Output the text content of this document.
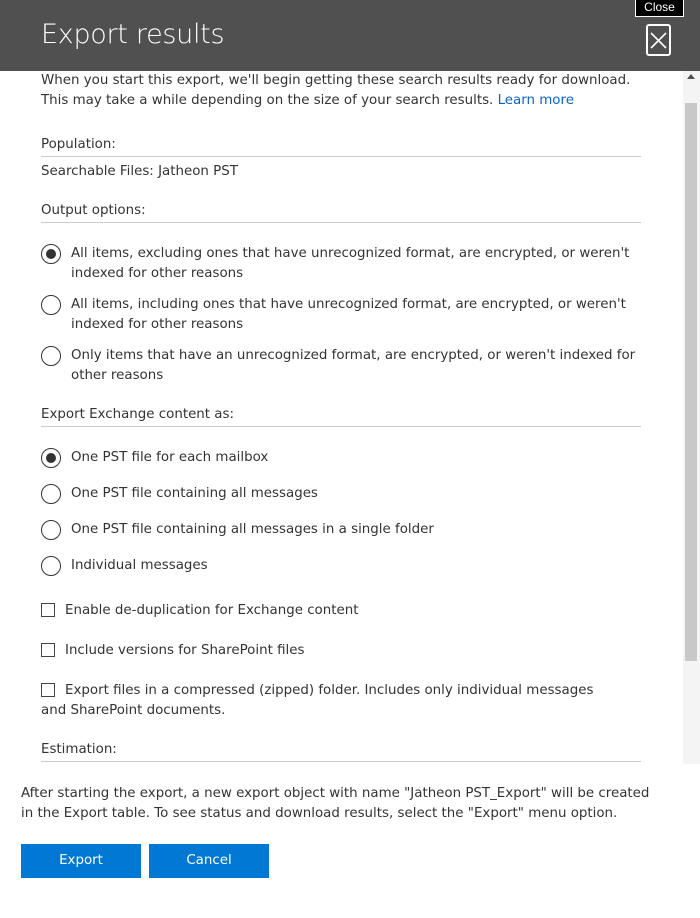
Export results
Close
When you start this export, we'll begin getting these search results ready for download. This may take a while depending on the size of your search results. Learn more
Population:
Searchable Files: Jatheon PST
Output options:
All items, excluding ones that have unrecognized format, are encrypted, or weren't indexed for other reasons
All items, including ones that have unrecognized format, are encrypted, or weren't indexed for other reasons
Only items that have an unrecognized format, are encrypted, or weren't indexed for other reasons
Export Exchange content as:
One PST file for each mailbox
One PST file containing all messages
One PST file containing all messages in a single folder
Individual messages
Enable de-duplication for Exchange content
Include versions for SharePoint files
Export files in a compressed (zipped) folder. Includes only individual messages and SharePoint documents.
Estimation:
After starting the export, a new export object with name "Jatheon PST_Export" will be created in the Export table. To see status and download results, select the "Export" menu option.
Export	Cancel
